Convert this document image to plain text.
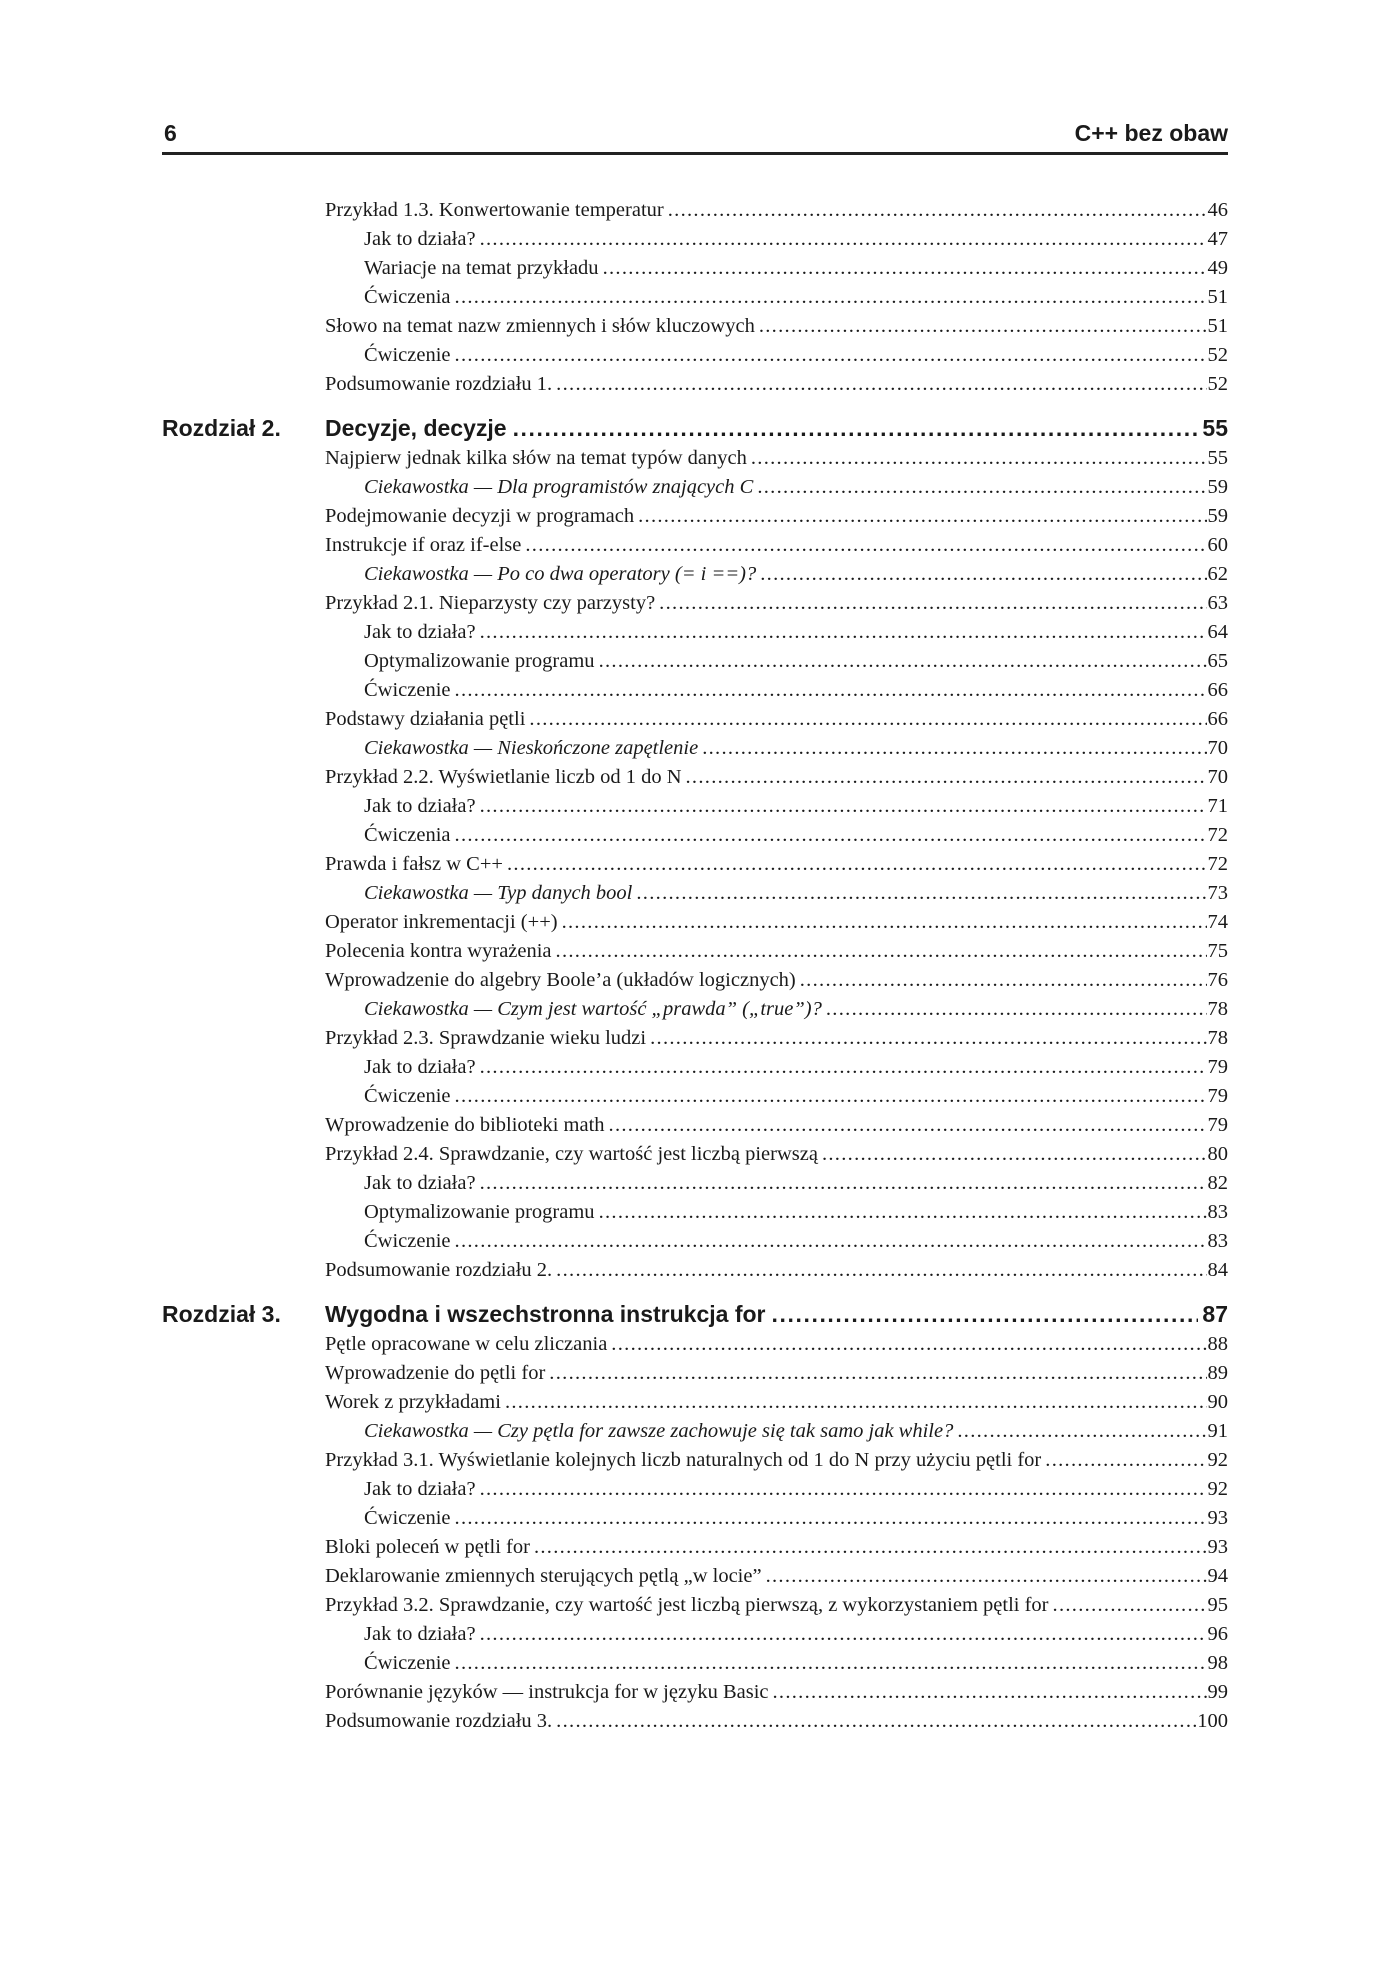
6	C++ bez obaw
Przykład 1.3. Konwertowanie temperatur .....	46
Jak to działa? .....	47
Wariacje na temat przykładu .....	49
Ćwiczenia .....	51
Słowo na temat nazw zmiennych i słów kluczowych .....	51
Ćwiczenie .....	52
Podsumowanie rozdziału 1. .....	52
Rozdział 2.	Decyzje, decyzje .....	55
Najpierw jednak kilka słów na temat typów danych .....	55
Ciekawostka — Dla programistów znających C .....	59
Podejmowanie decyzji w programach .....	59
Instrukcje if oraz if-else .....	60
Ciekawostka — Po co dwa operatory (= i ==)? .....	62
Przykład 2.1. Nieparzysty czy parzysty? .....	63
Jak to działa? .....	64
Optymalizowanie programu .....	65
Ćwiczenie .....	66
Podstawy działania pętli .....	66
Ciekawostka — Nieskończone zapętlenie .....	70
Przykład 2.2. Wyświetlanie liczb od 1 do N .....	70
Jak to działa? .....	71
Ćwiczenia .....	72
Prawda i fałsz w C++ .....	72
Ciekawostka — Typ danych bool .....	73
Operator inkrementacji (++) .....	74
Polecenia kontra wyrażenia .....	75
Wprowadzenie do algebry Boole’a (układów logicznych) .....	76
Ciekawostka — Czym jest wartość „prawda” („true”)? .....	78
Przykład 2.3. Sprawdzanie wieku ludzi .....	78
Jak to działa? .....	79
Ćwiczenie .....	79
Wprowadzenie do biblioteki math .....	79
Przykład 2.4. Sprawdzanie, czy wartość jest liczbą pierwszą .....	80
Jak to działa? .....	82
Optymalizowanie programu .....	83
Ćwiczenie .....	83
Podsumowanie rozdziału 2. .....	84
Rozdział 3.	Wygodna i wszechstronna instrukcja for .....	87
Pętle opracowane w celu zliczania .....	88
Wprowadzenie do pętli for .....	89
Worek z przykładami .....	90
Ciekawostka — Czy pętla for zawsze zachowuje się tak samo jak while? .....	91
Przykład 3.1. Wyświetlanie kolejnych liczb naturalnych od 1 do N przy użyciu pętli for .....	92
Jak to działa? .....	92
Ćwiczenie .....	93
Bloki poleceń w pętli for .....	93
Deklarowanie zmiennych sterujących pętlą „w locie” .....	94
Przykład 3.2. Sprawdzanie, czy wartość jest liczbą pierwszą, z wykorzystaniem pętli for .....	95
Jak to działa? .....	96
Ćwiczenie .....	98
Porównanie języków — instrukcja for w języku Basic .....	99
Podsumowanie rozdziału 3. .....	100
